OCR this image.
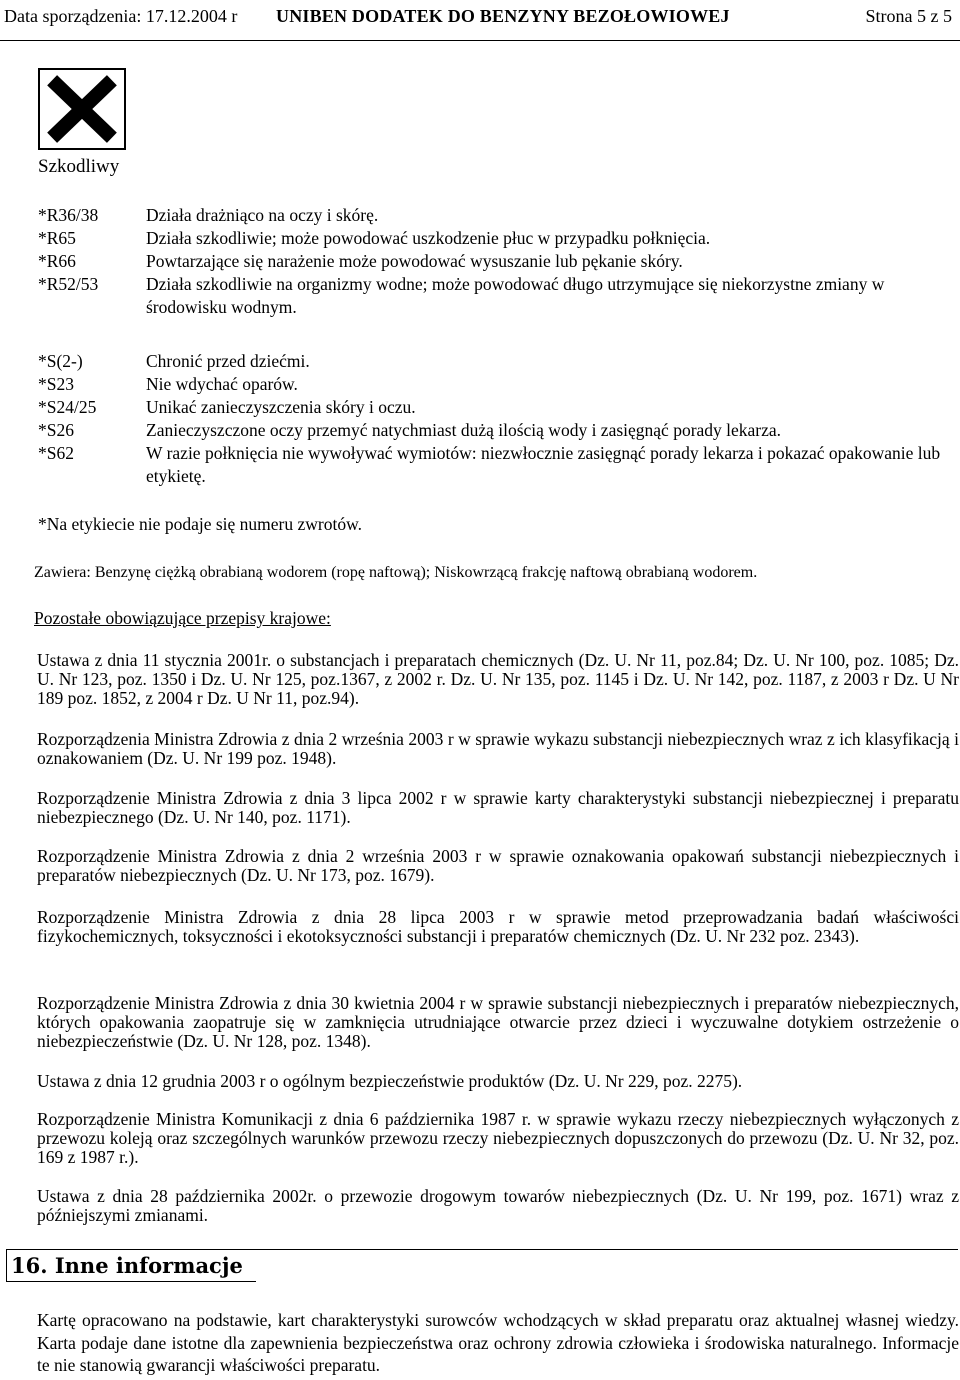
Data sporządzenia: 17.12.2004 r UNIBEN DODATEK DO BENZYNY BEZOŁOWIOWEJ	Strona 5 z 5
Szkodliwy
*R36/38	Działa drażniąco na oczy i skórę.
*R65	Działa szkodliwie; może powodować uszkodzenie płuc w przypadku połknięcia.
*R66	Powtarzające się narażenie może powodować wysuszanie lub pękanie skóry.
*R52/53	Działa szkodliwie na organizmy wodne; może powodować długo utrzymujące się niekorzystne zmiany w środowisku wodnym.
*S(2-)	Chronić przed dziećmi.
*S23	Nie wdychać oparów.
*S24/25	Unikać zanieczyszczenia skóry i oczu.
*S26	Zanieczyszczone oczy przemyć natychmiast dużą ilością wody i zasięgnąć porady lekarza.
*S62	W razie połknięcia nie wywoływać wymiotów: niezwłocznie zasięgnąć porady lekarza i pokazać opakowanie lub etykietę.
*Na etykiecie nie podaje się numeru zwrotów.
Zawiera: Benzynę ciężką obrabianą wodorem (ropę naftową); Niskowrzącą frakcję naftową obrabianą wodorem.
Pozostałe obowiązujące przepisy krajowe:
Ustawa z dnia 11 stycznia 2001r. o substancjach i preparatach chemicznych (Dz. U. Nr 11, poz.84; Dz. U. Nr 100, poz. 1085; Dz. U. Nr 123, poz. 1350 i Dz. U. Nr 125, poz.1367, z 2002 r. Dz. U. Nr 135, poz. 1145 i Dz. U. Nr 142, poz. 1187, z 2003 r Dz. U Nr 189 poz. 1852, z 2004 r Dz. U Nr 11, poz.94).
Rozporządzenia Ministra Zdrowia z dnia 2 września 2003 r w sprawie wykazu substancji niebezpiecznych wraz z ich klasyfikacją i oznakowaniem (Dz. U. Nr 199 poz. 1948).
Rozporządzenie Ministra Zdrowia z dnia 3 lipca 2002 r w sprawie karty charakterystyki substancji niebezpiecznej i preparatu niebezpiecznego (Dz. U. Nr 140, poz. 1171).
Rozporządzenie Ministra Zdrowia z dnia 2 września 2003 r w sprawie oznakowania opakowań substancji niebezpiecznych i preparatów niebezpiecznych (Dz. U. Nr 173, poz. 1679).
Rozporządzenie Ministra Zdrowia z dnia 28 lipca 2003 r w sprawie metod przeprowadzania badań właściwości fizykochemicznych, toksyczności i ekotoksyczności substancji i preparatów chemicznych (Dz. U. Nr 232 poz. 2343).
Rozporządzenie Ministra Zdrowia z dnia 30 kwietnia 2004 r w sprawie substancji niebezpiecznych i preparatów niebezpiecznych, których opakowania zaopatruje się w zamknięcia utrudniające otwarcie przez dzieci i wyczuwalne dotykiem ostrzeżenie o niebezpieczeństwie (Dz. U. Nr 128, poz. 1348).
Ustawa z dnia 12 grudnia 2003 r o ogólnym bezpieczeństwie produktów (Dz. U. Nr 229, poz. 2275).
Rozporządzenie Ministra Komunikacji z dnia 6 października 1987 r. w sprawie wykazu rzeczy niebezpiecznych wyłączonych z przewozu koleją oraz szczególnych warunków przewozu rzeczy niebezpiecznych dopuszczonych do przewozu (Dz. U. Nr 32, poz. 169 z 1987 r.).
Ustawa z dnia 28 października 2002r. o przewozie drogowym towarów niebezpiecznych (Dz. U. Nr 199, poz. 1671) wraz z późniejszymi zmianami.
16. Inne informacje
Kartę opracowano na podstawie, kart charakterystyki surowców wchodzących w skład preparatu oraz aktualnej własnej wiedzy. Karta podaje dane istotne dla zapewnienia bezpieczeństwa oraz ochrony zdrowia człowieka i środowiska naturalnego. Informacje te nie stanowią gwarancji właściwości preparatu.
